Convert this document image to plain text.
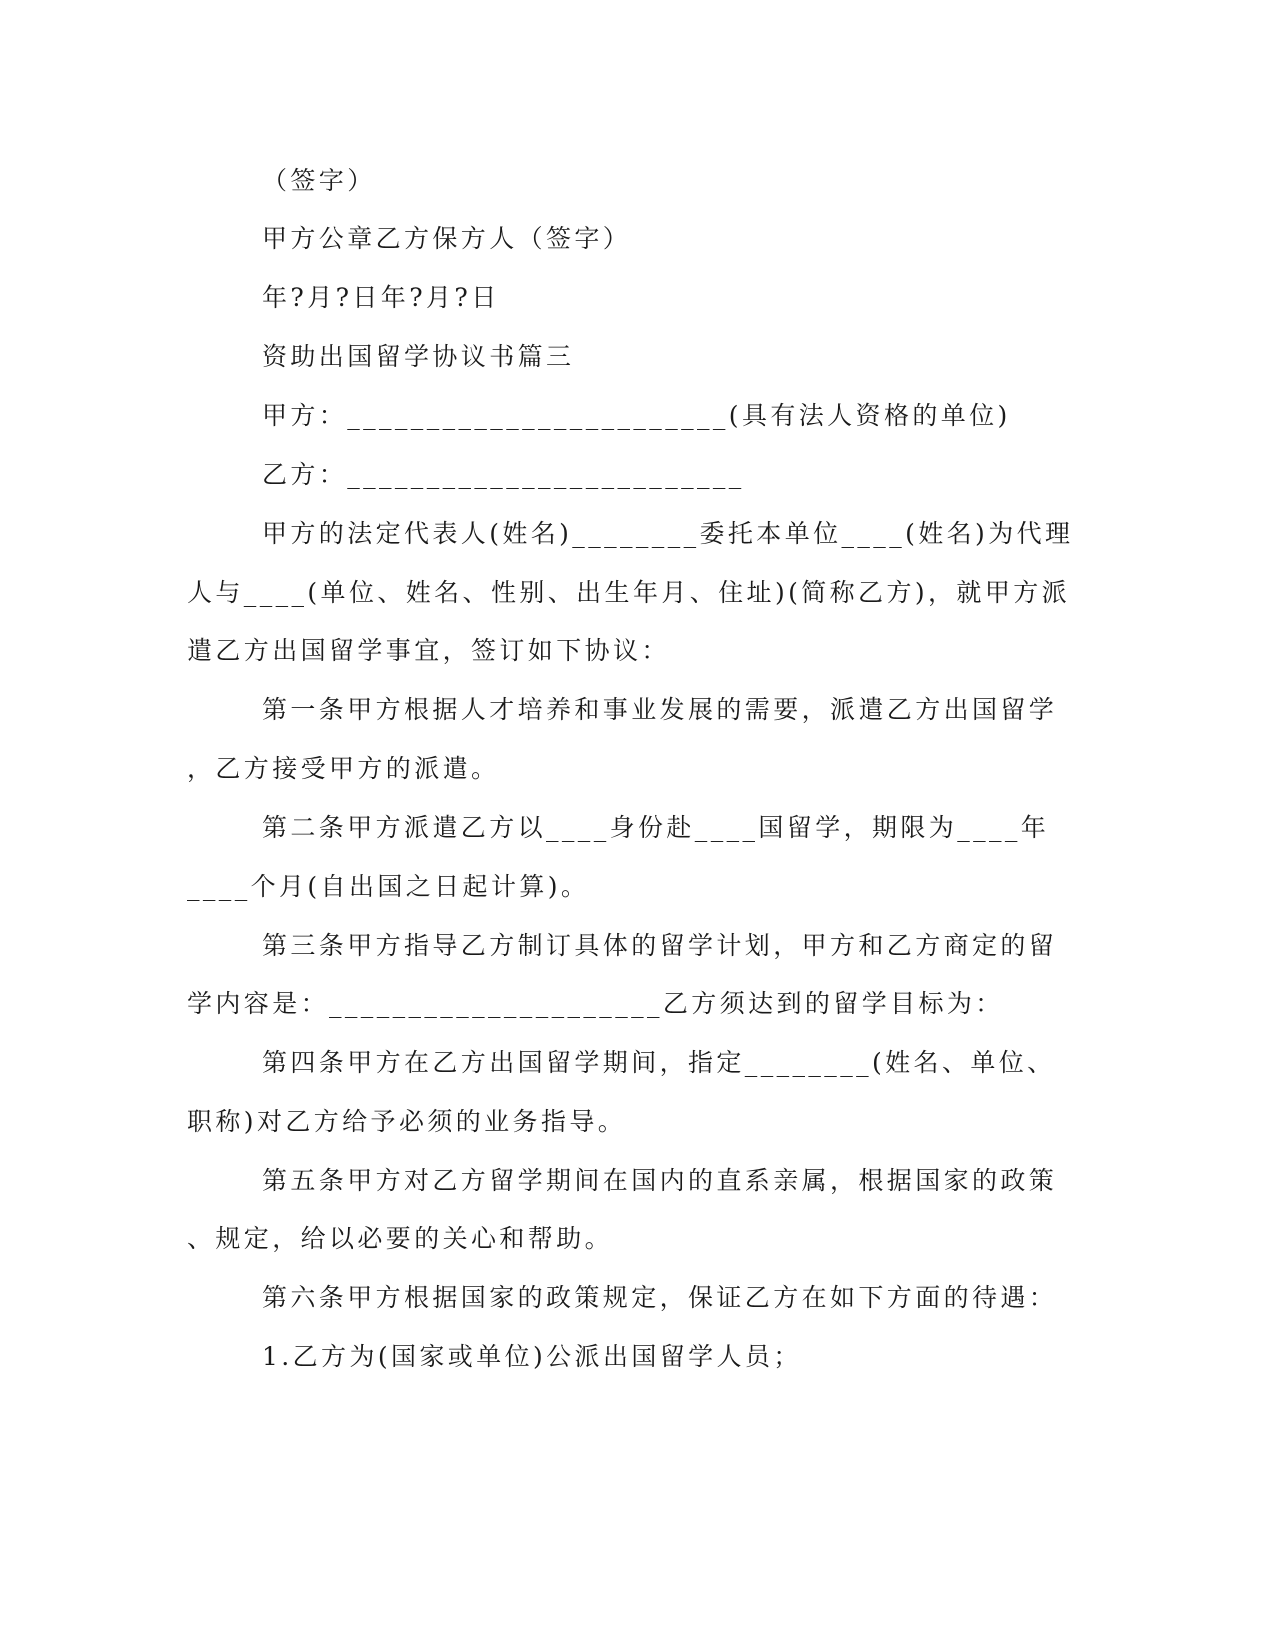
（签字）
甲方公章乙方保方人（签字）
年?月?日年?月?日
资助出国留学协议书篇三
甲方：________________________(具有法人资格的单位)
乙方：_________________________
甲方的法定代表人(姓名)________委托本单位____(姓名)为代理
人与____(单位、姓名、性别、出生年月、住址)(简称乙方)，就甲方派
遣乙方出国留学事宜，签订如下协议：
第一条甲方根据人才培养和事业发展的需要，派遣乙方出国留学
，乙方接受甲方的派遣。
第二条甲方派遣乙方以____身份赴____国留学，期限为____年
____个月(自出国之日起计算)。
第三条甲方指导乙方制订具体的留学计划，甲方和乙方商定的留
学内容是：_____________________乙方须达到的留学目标为：
第四条甲方在乙方出国留学期间，指定________(姓名、单位、
职称)对乙方给予必须的业务指导。
第五条甲方对乙方留学期间在国内的直系亲属，根据国家的政策
、规定，给以必要的关心和帮助。
第六条甲方根据国家的政策规定，保证乙方在如下方面的待遇：
1.乙方为(国家或单位)公派出国留学人员；
